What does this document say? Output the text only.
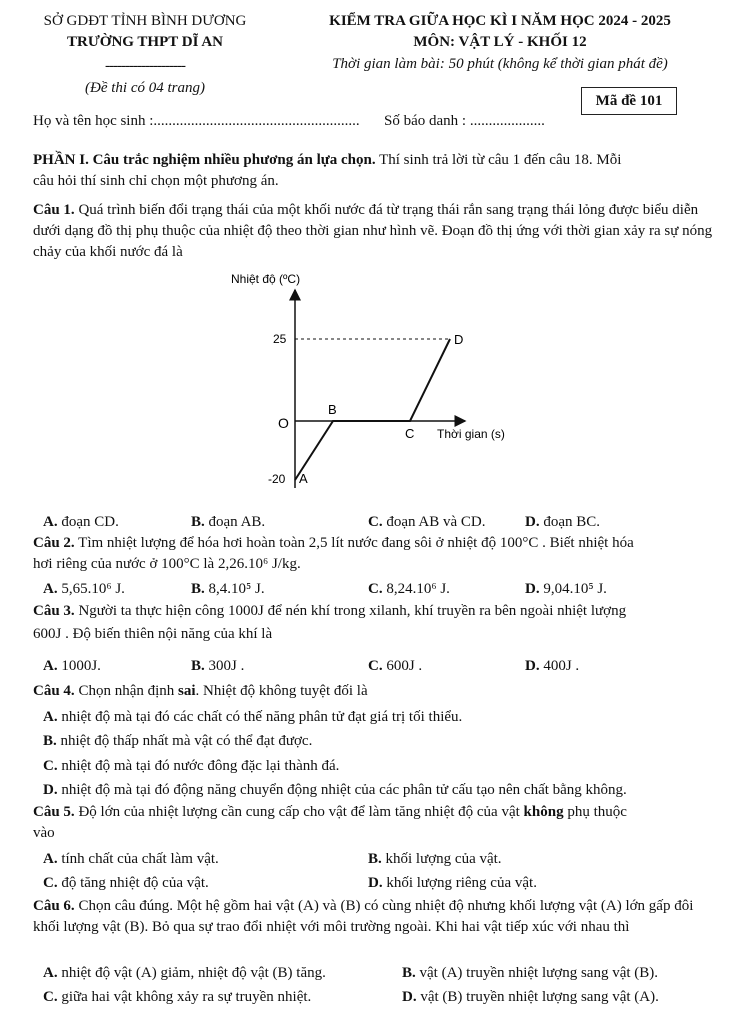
SỞ GDĐT TỈNH BÌNH DƯƠNG
TRƯỜNG THPT DĨ AN
--------------------
(Đề thi có 04 trang)
KIỂM TRA GIỮA HỌC KÌ I NĂM HỌC 2024 - 2025
MÔN: VẬT LÝ - KHỐI 12
Thời gian làm bài: 50 phút (không kể thời gian phát đề)
Mã đề 101
Họ và tên học sinh :....................................................... Số báo danh : ....................
PHẦN I. Câu trắc nghiệm nhiều phương án lựa chọn. Thí sinh trả lời từ câu 1 đến câu 18. Mỗi
câu hỏi thí sinh chỉ chọn một phương án.
Câu 1. Quá trình biến đổi trạng thái của một khối nước đá từ trạng thái rắn sang trạng thái lỏng được biểu diễn dưới dạng đồ thị phụ thuộc của nhiệt độ theo thời gian như hình vẽ. Đoạn đồ thị ứng với thời gian xảy ra sự nóng chảy của khối nước đá là
Nhiệt độ (ºC)
25
-20
O
A
B
C
D
Thời gian (s)
A. đoạn CD.	B. đoạn AB.	C. đoạn AB và CD.	D. đoạn BC.
Câu 2. Tìm nhiệt lượng để hóa hơi hoàn toàn 2,5 lít nước đang sôi ở nhiệt độ 100°C . Biết nhiệt hóa
hơi riêng của nước ở 100°C là 2,26.10⁶ J/kg.
A. 5,65.10⁶ J.	B. 8,4.10⁵ J.	C. 8,24.10⁶ J.	D. 9,04.10⁵ J.
Câu 3. Người ta thực hiện công 1000J để nén khí trong xilanh, khí truyền ra bên ngoài nhiệt lượng
600J . Độ biến thiên nội năng của khí là
A. 1000J.	B. 300J .	C. 600J .	D. 400J .
Câu 4. Chọn nhận định sai. Nhiệt độ không tuyệt đối là
A. nhiệt độ mà tại đó các chất có thế năng phân tử đạt giá trị tối thiểu.
B. nhiệt độ thấp nhất mà vật có thể đạt được.
C. nhiệt độ mà tại đó nước đông đặc lại thành đá.
D. nhiệt độ mà tại đó động năng chuyển động nhiệt của các phân tử cấu tạo nên chất bằng không.
Câu 5. Độ lớn của nhiệt lượng cần cung cấp cho vật để làm tăng nhiệt độ của vật không phụ thuộc
vào
A. tính chất của chất làm vật.	B. khối lượng của vật.
C. độ tăng nhiệt độ của vật.	D. khối lượng riêng của vật.
Câu 6. Chọn câu đúng. Một hệ gồm hai vật (A) và (B) có cùng nhiệt độ nhưng khối lượng vật (A) lớn gấp đôi khối lượng vật (B). Bỏ qua sự trao đổi nhiệt với môi trường ngoài. Khi hai vật tiếp xúc với nhau thì
A. nhiệt độ vật (A) giảm, nhiệt độ vật (B) tăng.	B. vật (A) truyền nhiệt lượng sang vật (B).
C. giữa hai vật không xảy ra sự truyền nhiệt.	D. vật (B) truyền nhiệt lượng sang vật (A).
